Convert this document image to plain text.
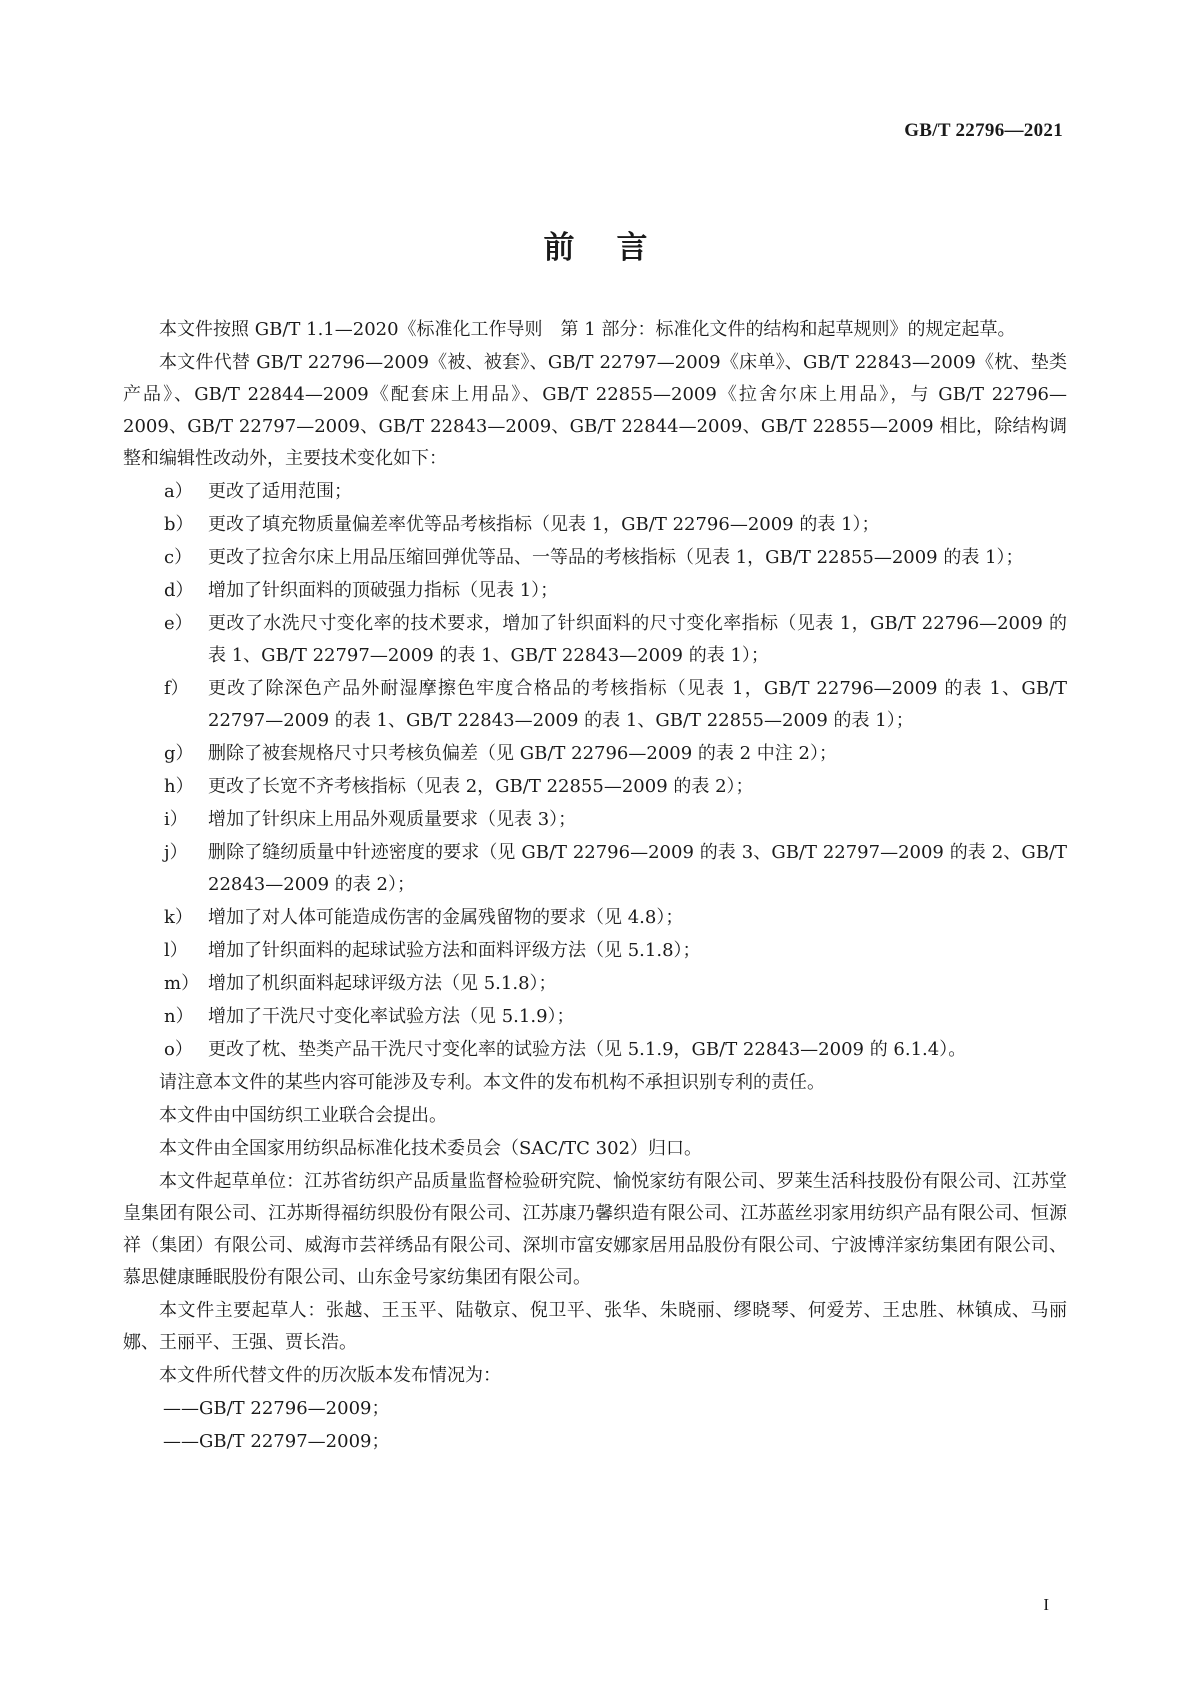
GB/T 22796—2021
前言

本文件按照 GB/T 1.1—2020《标准化工作导则　第 1 部分：标准化文件的结构和起草规则》的规定起草。

本文件代替 GB/T 22796—2009《被、被套》、GB/T 22797—2009《床单》、GB/T 22843—2009《枕、垫类产品》、GB/T 22844—2009《配套床上用品》、GB/T 22855—2009《拉舍尔床上用品》，与 GB/T 22796—2009、GB/T 22797—2009、GB/T 22843—2009、GB/T 22844—2009、GB/T 22855—2009 相比，除结构调整和编辑性改动外，主要技术变化如下：

a） 更改了适用范围；
b） 更改了填充物质量偏差率优等品考核指标（见表 1，GB/T 22796—2009 的表 1）；
c） 更改了拉舍尔床上用品压缩回弹优等品、一等品的考核指标（见表 1，GB/T 22855—2009 的表 1）；
d） 增加了针织面料的顶破强力指标（见表 1）；
e） 更改了水洗尺寸变化率的技术要求，增加了针织面料的尺寸变化率指标（见表 1，GB/T 22796—2009 的表 1、GB/T 22797—2009 的表 1、GB/T 22843—2009 的表 1）；
f）	更改了除深色产品外耐湿摩擦色牢度合格品的考核指标（见表 1，GB/T 22796—2009 的表 1、GB/T 22797—2009 的表 1、GB/T 22843—2009 的表 1、GB/T 22855—2009 的表 1）；
g） 删除了被套规格尺寸只考核负偏差（见 GB/T 22796—2009 的表 2 中注 2）；
h） 更改了长宽不齐考核指标（见表 2，GB/T 22855—2009 的表 2）；
i）	增加了针织床上用品外观质量要求（见表 3）；
j）	删除了缝纫质量中针迹密度的要求（见 GB/T 22796—2009 的表 3、GB/T 22797—2009 的表 2、GB/T 22843—2009 的表 2）；
k） 增加了对人体可能造成伤害的金属残留物的要求（见 4.8）；
l）	增加了针织面料的起球试验方法和面料评级方法（见 5.1.8）；
m） 增加了机织面料起球评级方法（见 5.1.8）；
n） 增加了干洗尺寸变化率试验方法（见 5.1.9）；
o） 更改了枕、垫类产品干洗尺寸变化率的试验方法（见 5.1.9，GB/T 22843—2009 的 6.1.4）。

请注意本文件的某些内容可能涉及专利。本文件的发布机构不承担识别专利的责任。

本文件由中国纺织工业联合会提出。

本文件由全国家用纺织品标准化技术委员会（SAC/TC 302）归口。

本文件起草单位：江苏省纺织产品质量监督检验研究院、愉悦家纺有限公司、罗莱生活科技股份有限公司、江苏堂皇集团有限公司、江苏斯得福纺织股份有限公司、江苏康乃馨织造有限公司、江苏蓝丝羽家用纺织产品有限公司、恒源祥（集团）有限公司、威海市芸祥绣品有限公司、深圳市富安娜家居用品股份有限公司、宁波博洋家纺集团有限公司、慕思健康睡眠股份有限公司、山东金号家纺集团有限公司。

本文件主要起草人：张越、王玉平、陆敬京、倪卫平、张华、朱晓丽、缪晓琴、何爱芳、王忠胜、林镇成、马丽娜、王丽平、王强、贾长浩。

本文件所代替文件的历次版本发布情况为：

——GB/T 22796—2009；
——GB/T 22797—2009；
I
